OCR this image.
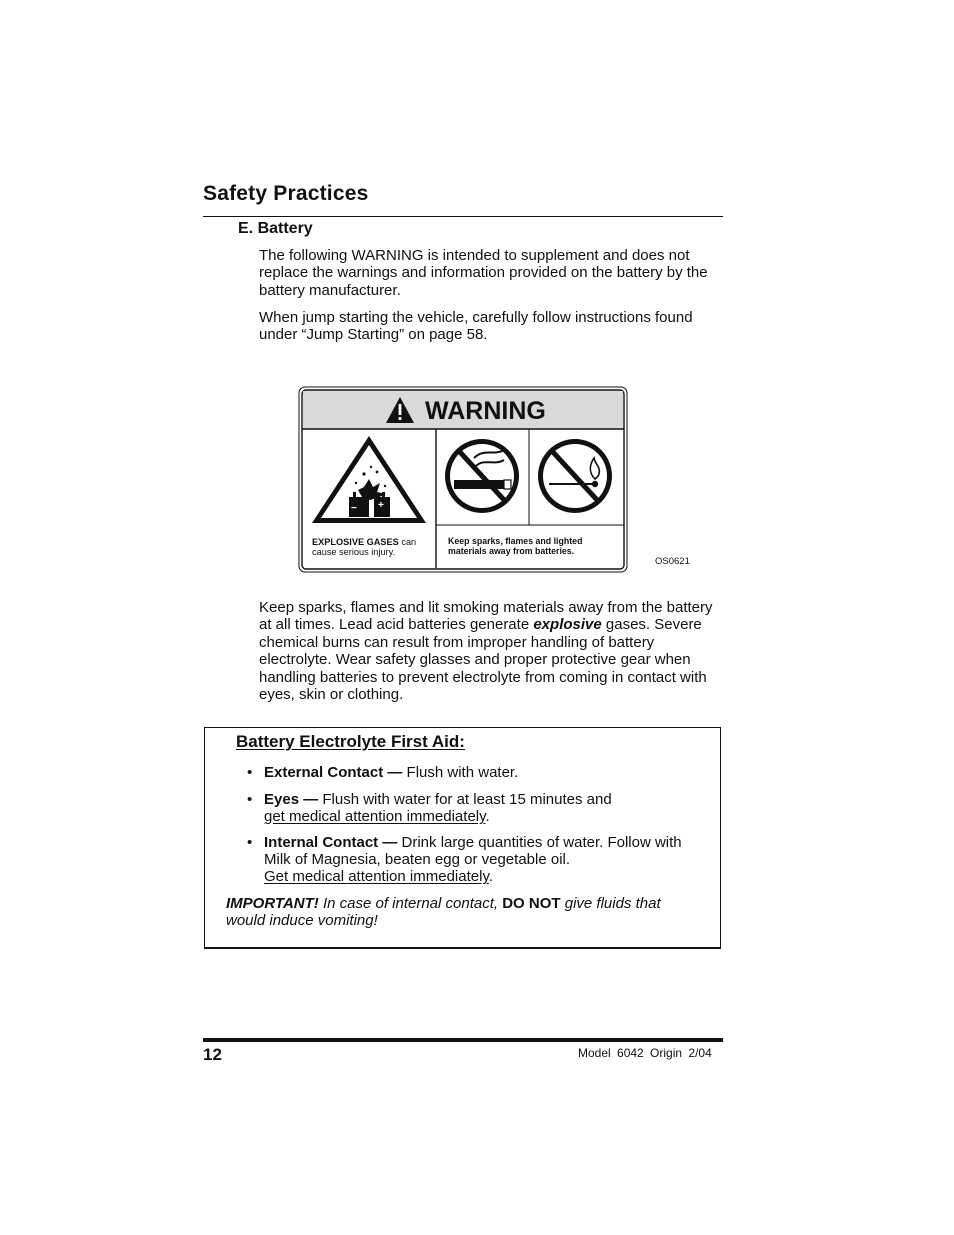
Safety Practices
E. Battery
The following WARNING is intended to supplement and does not replace the warnings and information provided on the battery by the battery manufacturer.
When jump starting the vehicle, carefully follow instructions found under “Jump Starting” on page 58.
WARNING
− +
EXPLOSIVE GASES can
cause serious injury.
Keep sparks, flames and lighted
materials away from batteries.
OS0621
Keep sparks, flames and lit smoking materials away from the battery at all times. Lead acid batteries generate explosive gases. Severe chemical burns can result from improper handling of battery electrolyte. Wear safety glasses and proper protective gear when handling batteries to prevent electrolyte from coming in contact with eyes, skin or clothing.
Battery Electrolyte First Aid:
• External Contact — Flush with water.
• Eyes — Flush with water for at least 15 minutes and
get medical attention immediately.
• Internal Contact — Drink large quantities of water. Follow with Milk of Magnesia, beaten egg or vegetable oil.
Get medical attention immediately.
IMPORTANT! In case of internal contact, DO NOT give fluids that would induce vomiting!
12	Model 6042 Origin 2/04
